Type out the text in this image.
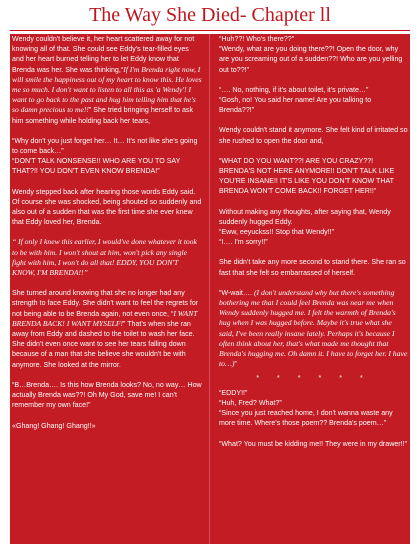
The Way She Died- Chapter ll

Wendy couldn't believe it, her heart scattered away for not knowing all of that. She could see Eddy's tear-filled eyes and her heart burned telling her to let Eddy know that Brenda was her. She was thinking,“If I'm Brenda right now, I will smile the happiness out of my heart to know this. He loves me so much. I don't want to listen to all this as 'a Wendy'! I want to go back to the past and hug him telling him that he's so damn precious to me!!” She tried bringing herself to ask him something while holding back her tears,

“Why don't you just forget her… It… It's not like she's going to come back…”
“DON'T TALK NONSENSE!! WHO ARE YOU TO SAY THAT?!! YOU DON'T EVEN KNOW BRENDA!”

Wendy stepped back after hearing those words Eddy said. Of course she was shocked, being shouted so suddenly and also out of a sudden that was the first time she ever knew that Eddy loved her, Brenda.

“ If only I knew this earlier, I would've done whatever it took to be with him. I won't shout at him, won't pick any single fight with him, I won't do all that! EDDY, YOU DON'T KNOW, I'M BRENDA!!”

She turned around knowing that she no longer had any strength to face Eddy. She didn't want to feel the regrets for not being able to be Brenda again, not even once, “I WANT BRENDA BACK! I WANT MYSELF!” That's when she ran away from Eddy and dashed to the toilet to wash her face. She didn't even once want to see her tears falling down because of a man that she believe she wouldn't be with anymore. She looked at the mirror.

“B…Brenda…. Is this how Brenda looks? No, no way… How actually Brenda was??! Oh My God, save me! I can't remember my own face!”

«Ghang! Ghang! Ghang!!»

“Huh??! Who's there??”
“Wendy, what are you doing there??! Open the door, why are you screaming out of a sudden??! Who are you yelling out to??!”

“…. No, nothing, if it's about toilet, it's private…”
“Gosh, no! You said her name! Are you talking to Brenda??!”

Wendy couldn't stand it anymore. She felt kind of irritated so she rushed to open the door and,

“WHAT DO YOU WANT??! ARE YOU CRAZY??! BRENDA'S NOT HERE ANYMORE!! DON'T TALK LIKE YOU'RE INSANE!! IT'S LIKE YOU DON'T KNOW THAT BRENDA WON'T COME BACK!! FORGET HER!!”

Without making any thoughts, after saying that, Wendy suddenly hugged Eddy.
“Eww, eeyuckss!! Stop that Wendy!!”
“I…. I'm sorry!!”

She didn't take any more second to stand there. She ran so fast that she felt so embarrassed of herself.

“W-wait…. (I don't understand why but there's something bothering me that I could feel Brenda was near me when Wendy suddenly hugged me. I felt the warmth of Brenda's hug when I was hugged before. Maybe it's true what she said, I've been really insane lately. Perhaps it's because I often think about her, that's what made me thought that Brenda's hugging me. Oh damn it. I have to forget her. I have to…)”

* * * * * *

“EDDY!!”
“Huh, Fred? What?”
“Since you just reached home, I don't wanna waste any more time. Where's those poem?? Brenda's poem…”

“What? You must be kidding me!! They were in my drawer!!”
